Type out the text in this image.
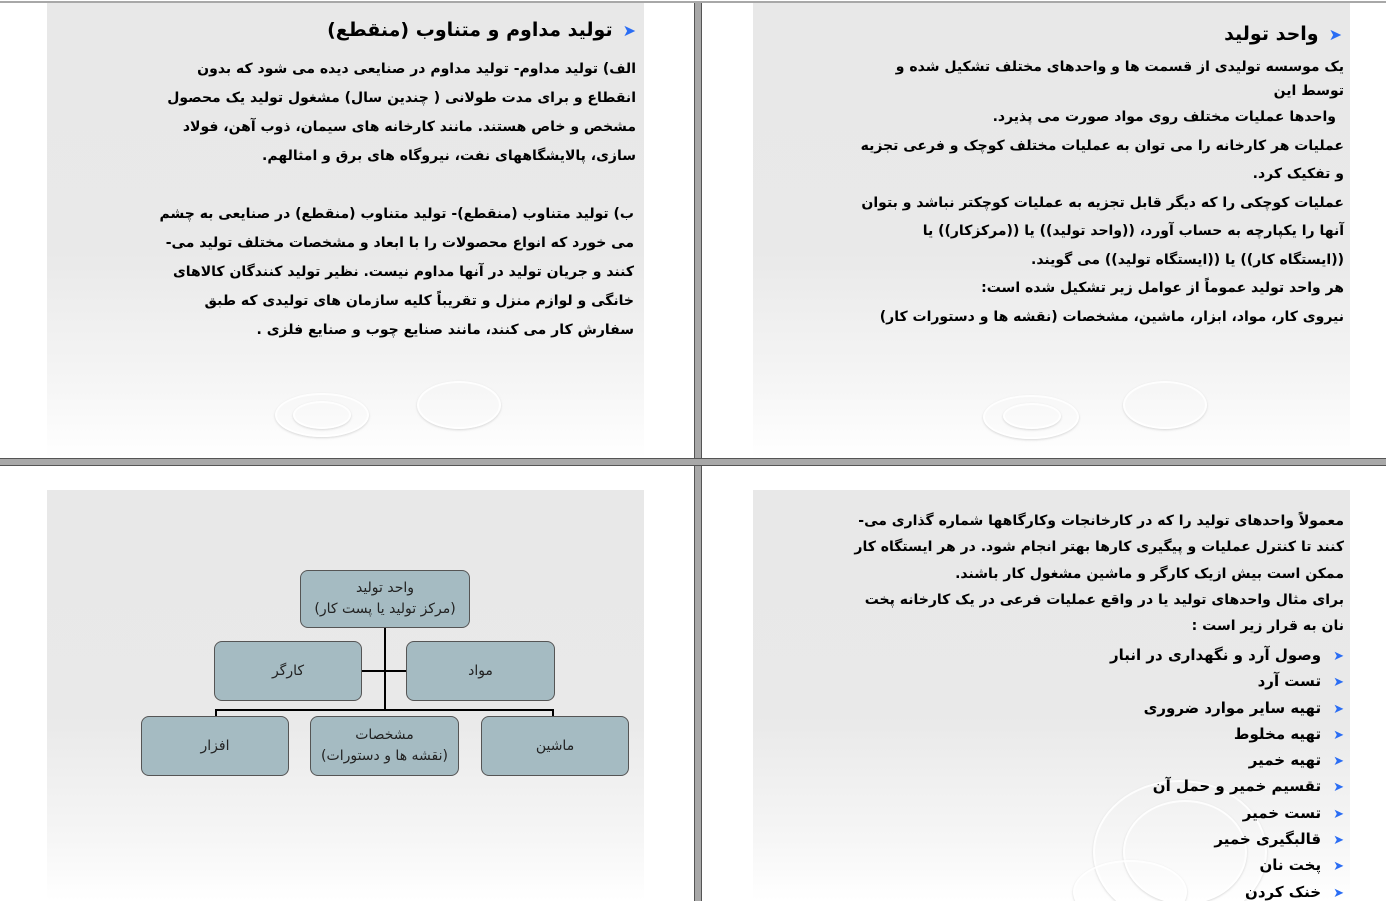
➤تولید مداوم و متناوب (منقطع)

الف) تولید مداوم- تولید مداوم در صنایعی دیده می شود که بدون انقطاع و برای مدت طولانی ( چندین سال) مشغول تولید یک محصول مشخص و خاص هستند. مانند کارخانه های سیمان، ذوب آهن، فولاد سازی، پالایشگاههای نفت، نیروگاه های برق و امثالهم.

ب) تولید متناوب (منقطع)- تولید متناوب (منقطع) در صنایعی به چشم می خورد که انواع محصولات را با ابعاد و مشخصات مختلف تولید می- کنند و جریان تولید در آنها مداوم نیست. نظیر تولید کنندگان کالاهای خانگی و لوازم منزل و تقریباً کلیه سازمان های تولیدی که طبق سفارش کار می کنند، مانند صنایع چوب و صنایع فلزی .

➤واحد تولید

یک موسسه تولیدی از قسمت ها و واحدهای مختلف تشکیل شده و توسط این

واحدها عملیات مختلف روی مواد صورت می پذیرد.

عملیات هر کارخانه را می توان به عملیات مختلف کوچک و فرعی تجزیه و تفکیک کرد.

عملیات کوچکی را که دیگر قابل تجزیه به عملیات کوچکتر نباشد و بتوان آنها را یکپارچه به حساب آورد، ((واحد تولید)) یا ((مرکزکار)) یا ((ایستگاه کار)) یا ((ایستگاه تولید)) می گویند.

هر واحد تولید عموماً از عوامل زیر تشکیل شده است:

نیروی کار، مواد، ابزار، ماشین، مشخصات (نقشه ها و دستورات کار)

واحد تولید
(مرکز تولید یا پست کار)
کارگر	مواد
افزار
مشخصات
(نقشه ها و دستورات)
ماشین

معمولاً واحدهای تولید را که در کارخانجات وکارگاهها شماره گذاری می- کنند تا کنترل عملیات و پیگیری کارها بهتر انجام شود. در هر ایستگاه کار ممکن است بیش ازیک کارگر و ماشین مشغول کار باشند.

برای مثال واحدهای تولید یا در واقع عملیات فرعی در یک کارخانه پخت نان به قرار زیر است :

➤وصول آرد و نگهداری در انبار
➤تست آرد
➤تهیه سایر موارد ضروری
➤تهیه مخلوط
➤تهیه خمیر
➤تقسیم خمیر و حمل آن
➤تست خمیر
➤قالبگیری خمیر
➤پخت نان
➤خنک کردن
